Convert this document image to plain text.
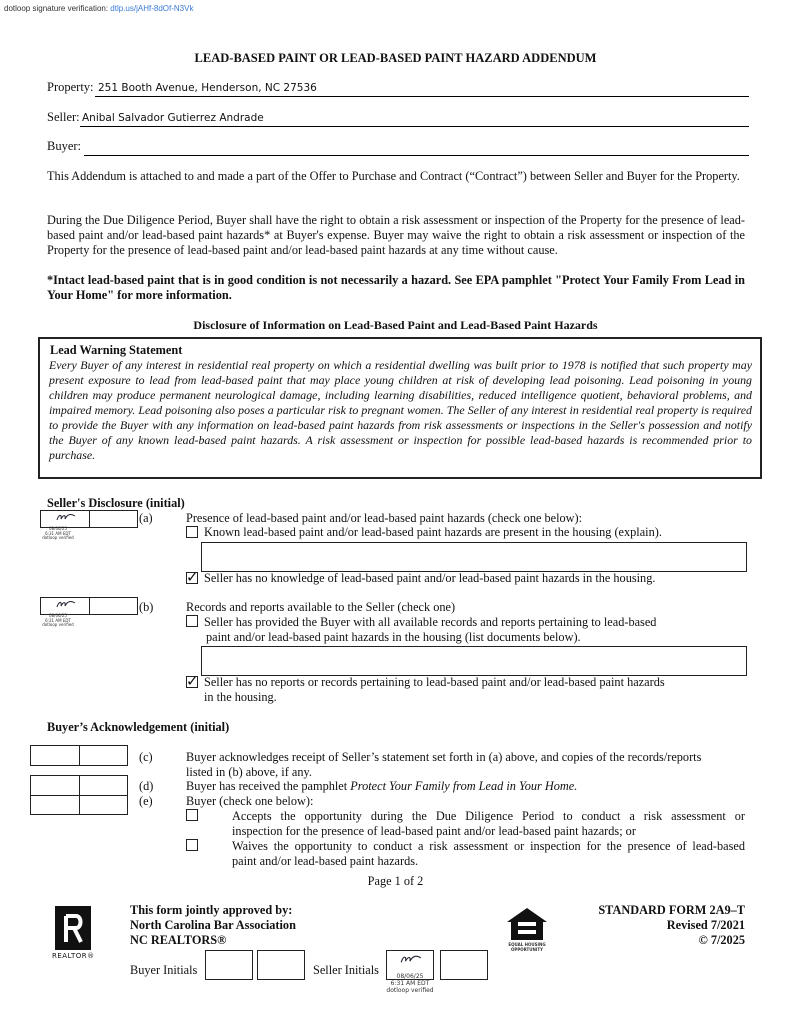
dotloop signature verification: dtlp.us/jAHf-8dOf-N3Vk
LEAD-BASED PAINT OR LEAD-BASED PAINT HAZARD ADDENDUM
Property: 251 Booth Avenue, Henderson, NC 27536
Seller: Anibal Salvador Gutierrez Andrade
Buyer:
This Addendum is attached to and made a part of the Offer to Purchase and Contract (“Contract”) between Seller and Buyer for the Property.
During the Due Diligence Period, Buyer shall have the right to obtain a risk assessment or inspection of the Property for the presence of lead-based paint and/or lead-based paint hazards* at Buyer's expense. Buyer may waive the right to obtain a risk assessment or inspection of the Property for the presence of lead-based paint and/or lead-based paint hazards at any time without cause.
*Intact lead-based paint that is in good condition is not necessarily a hazard. See EPA pamphlet "Protect Your Family From Lead in Your Home" for more information.
Disclosure of Information on Lead-Based Paint and Lead-Based Paint Hazards
Lead Warning Statement
Every Buyer of any interest in residential real property on which a residential dwelling was built prior to 1978 is notified that such property may present exposure to lead from lead-based paint that may place young children at risk of developing lead poisoning. Lead poisoning in young children may produce permanent neurological damage, including learning disabilities, reduced intelligence quotient, behavioral problems, and impaired memory. Lead poisoning also poses a particular risk to pregnant women. The Seller of any interest in residential real property is required to provide the Buyer with any information on lead-based paint hazards from risk assessments or inspections in the Seller's possession and notify the Buyer of any known lead-based paint hazards. A risk assessment or inspection for possible lead-based hazards is recommended prior to purchase.
Seller's Disclosure (initial)
08/06/25
6:31 AM EDT
dotloop verified
(a)	Presence of lead-based paint and/or lead-based paint hazards (check one below):
Known lead-based paint and/or lead-based paint hazards are present in the housing (explain).
✓ Seller has no knowledge of lead-based paint and/or lead-based paint hazards in the housing.
08/06/25
6:31 AM EDT
dotloop verified
(b)	Records and reports available to the Seller (check one)
Seller has provided the Buyer with all available records and reports pertaining to lead-based
paint and/or lead-based paint hazards in the housing (list documents below).
✓ Seller has no reports or records pertaining to lead-based paint and/or lead-based paint hazards
in the housing.
Buyer’s Acknowledgement (initial)
(c)	Buyer acknowledges receipt of Seller’s statement set forth in (a) above, and copies of the records/reports
listed in (b) above, if any.
(d)	Buyer has received the pamphlet Protect Your Family from Lead in Your Home.
(e)	Buyer (check one below):
Accepts the opportunity during the Due Diligence Period to conduct a risk assessment or
inspection for the presence of lead-based paint and/or lead-based paint hazards; or
Waives the opportunity to conduct a risk assessment or inspection for the presence of lead-based
paint and/or lead-based paint hazards.
Page 1 of 2
REALTOR®
This form jointly approved by:
North Carolina Bar Association
NC REALTORS®	EQUAL HOUSING
OPPORTUNITY
STANDARD FORM 2A9–T
Revised 7/2021
© 7/2025
Buyer Initials	Seller Initials	08/06/25
6:31 AM EDT
dotloop verified
